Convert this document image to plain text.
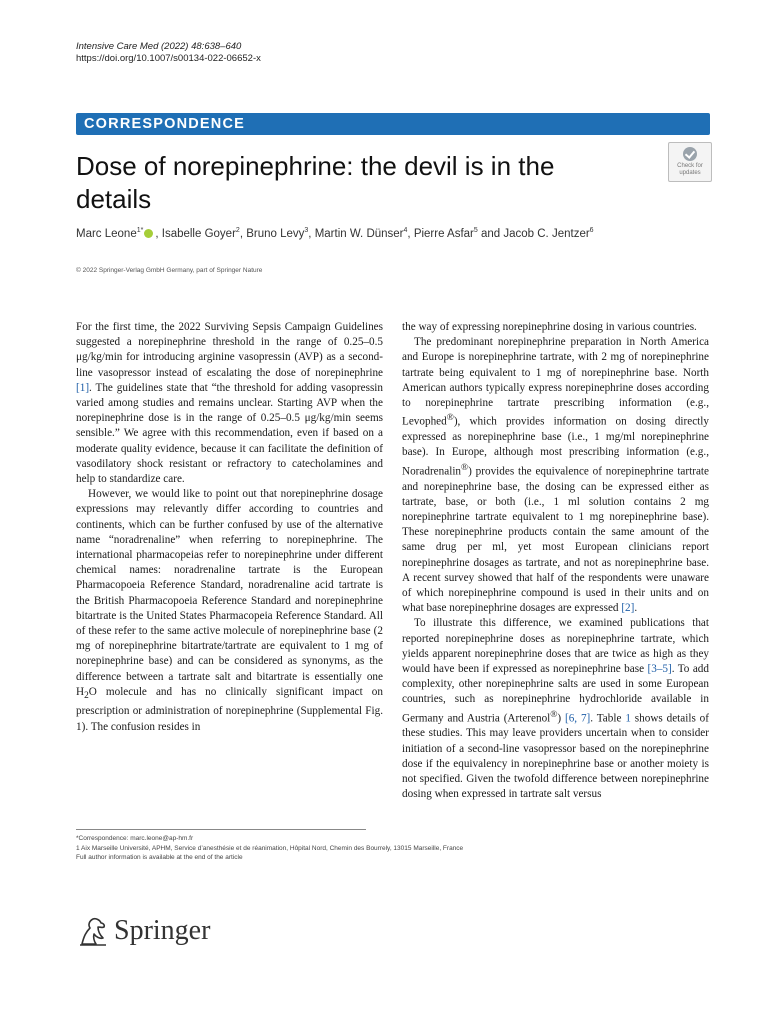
Intensive Care Med (2022) 48:638–640
https://doi.org/10.1007/s00134-022-06652-x
CORRESPONDENCE
Dose of norepinephrine: the devil is in the details
Check for updates
Marc Leone$^{1*}$ , Isabelle Goyer$^2$, Bruno Levy$^3$, Martin W. Dünser$^4$, Pierre Asfar$^5$ and Jacob C. Jentzer$^6$
© 2022 Springer-Verlag GmbH Germany, part of Springer Nature

For the first time, the 2022 Surviving Sepsis Campaign Guidelines suggested a norepinephrine threshold in the range of 0.25–0.5 μg/kg/min for introducing arginine vasopressin (AVP) as a second-line vasopressor instead of escalating the dose of norepinephrine [1]. The guidelines state that “the threshold for adding vasopressin varied among studies and remains unclear. Starting AVP when the norepinephrine dose is in the range of 0.25–0.5 μg/kg/min seems sensible.” We agree with this recommendation, even if based on a moderate quality evidence, because it can facilitate the definition of vasodilatory shock resistant or refractory to catecholamines and help to standardize care.

However, we would like to point out that norepinephrine dosage expressions may relevantly differ according to countries and continents, which can be further confused by use of the alternative name “noradrenaline” when referring to norepinephrine. The international pharmacopeias refer to norepinephrine under different chemical names: noradrenaline tartrate is the European Pharmacopoeia Reference Standard, noradrenaline acid tartrate is the British Pharmacopoeia Reference Standard and norepinephrine bitartrate is the United States Pharmacopeia Reference Standard. All of these refer to the same active molecule of norepinephrine base (2 mg of norepinephrine bitartrate/tartrate are equivalent to 1 mg of norepinephrine base) and can be considered as synonyms, as the difference between a tartrate salt and bitartrate is essentially one $H_2O$ molecule and has no clinically significant impact on prescription or administration of norepinephrine (Supplemental Fig. 1). The confusion resides in

the way of expressing norepinephrine dosing in various countries.

The predominant norepinephrine preparation in North America and Europe is norepinephrine tartrate, with 2 mg of norepinephrine tartrate being equivalent to 1 mg of norepinephrine base. North American authors typically express norepinephrine doses according to norepinephrine tartrate prescribing information (e.g., Levophed®), which provides information on dosing directly expressed as norepinephrine base (i.e., 1 mg/ml norepinephrine base). In Europe, although most prescribing information (e.g., Noradrenalin®) provides the equivalence of norepinephrine tartrate and norepinephrine base, the dosing can be expressed either as tartrate, base, or both (i.e., 1 ml solution contains 2 mg norepinephrine tartrate equivalent to 1 mg norepinephrine base). These norepinephrine products contain the same amount of the same drug per ml, yet most European clinicians report norepinephrine dosages as tartrate, and not as norepinephrine base. A recent survey showed that half of the respondents were unaware of which norepinephrine compound is used in their units and on what base norepinephrine dosages are expressed [2].

To illustrate this difference, we examined publications that reported norepinephrine doses as norepinephrine tartrate, which yields apparent norepinephrine doses that are twice as high as they would have been if expressed as norepinephrine base [3–5]. To add complexity, other norepinephrine salts are used in some European countries, such as norepinephrine hydrochloride available in Germany and Austria (Arterenol®) [6, 7]. Table 1 shows details of these studies. This may leave providers uncertain when to consider initiation of a second-line vasopressor based on the norepinephrine dose if the equivalency in norepinephrine base or another moiety is not specified. Given the twofold difference between norepinephrine dosing when expressed in tartrate salt versus

*Correspondence: marc.leone@ap-hm.fr
1 Aix Marseille Université, APHM, Service d’anesthésie et de réanimation, Hôpital Nord, Chemin des Bourrely, 13015 Marseille, France
Full author information is available at the end of the article
Springer
